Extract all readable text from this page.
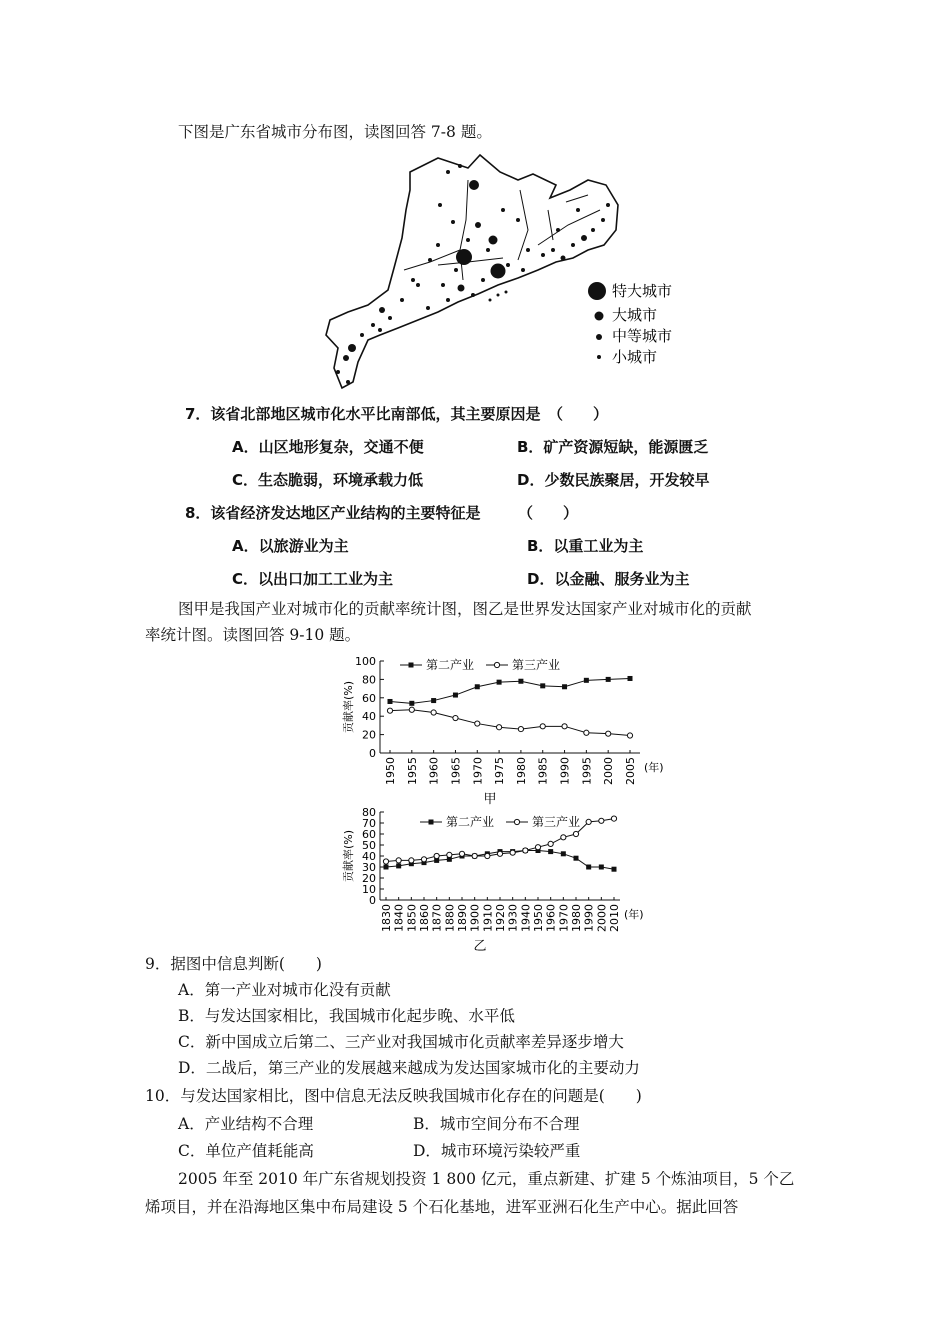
下图是广东省城市分布图，读图回答 7-8 题。
特大城市
大城市
中等城市
小城市
7．该省北部地区城市化水平比南部低，其主要原因是　（　　）
A．山区地形复杂，交通不便	B．矿产资源短缺，能源匮乏
C．生态脆弱，环境承载力低	D．少数民族聚居，开发较早
8．该省经济发达地区产业结构的主要特征是　　　（　　）
A．以旅游业为主	B．以重工业为主
C．以出口加工工业为主	D．以金融、服务业为主
图甲是我国产业对城市化的贡献率统计图，图乙是世界发达国家产业对城市化的贡献
率统计图。读图回答 9-10 题。
0
20
40
60
80
100
1950 1955 1960 1965 1970 1975 1980 1985 1990 1995 2000 2005 (年)
贡献率(%)
甲
第二产业	第三产业
0
10
20
30
40
50
60
70
80
1830 1840 1850 1860 1870 1880 1890 1900 1910 1920 1930 1940 1950 1960 1970 1980 1990 2000 2010 (年)
贡献率(%)
乙
第二产业	第三产业
9．据图中信息判断(　　)
A．第一产业对城市化没有贡献
B．与发达国家相比，我国城市化起步晚、水平低
C．新中国成立后第二、三产业对我国城市化贡献率差异逐步增大
D．二战后，第三产业的发展越来越成为发达国家城市化的主要动力
10．与发达国家相比，图中信息无法反映我国城市化存在的问题是(　　)
A．产业结构不合理	B．城市空间分布不合理
C．单位产值耗能高	D．城市环境污染较严重
2005 年至 2010 年广东省规划投资 1 800 亿元，重点新建、扩建 5 个炼油项目，5 个乙
烯项目，并在沿海地区集中布局建设 5 个石化基地，进军亚洲石化生产中心。据此回答
